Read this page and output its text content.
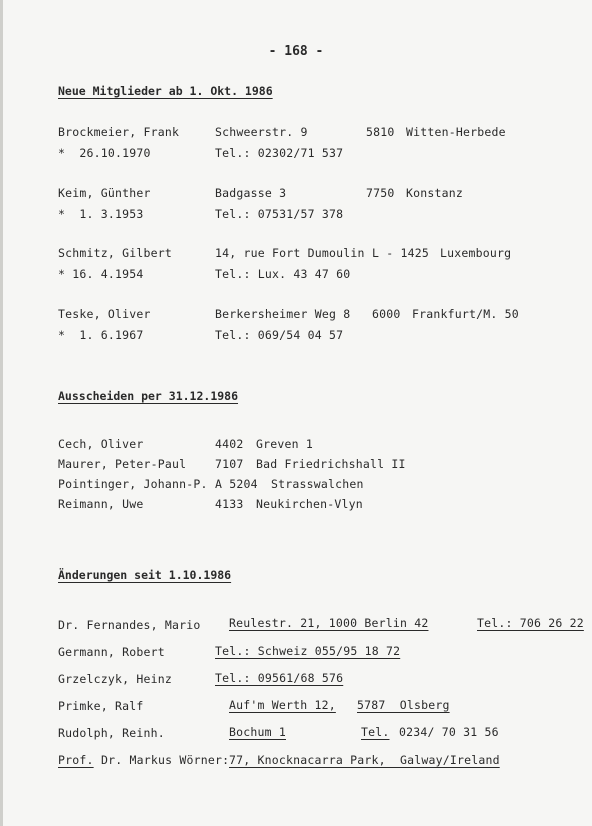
- 168 -
Neue Mitglieder ab 1. Okt. 1986
Brockmeier, Frank	Schweerstr. 9	5810 Witten-Herbede
*  26.10.1970	Tel.: 02302/71 537
Keim, Günther	Badgasse 3	7750 Konstanz
*  1. 3.1953	Tel.: 07531/57 378
Schmitz, Gilbert	14, rue Fort Dumoulin L - 1425 Luxembourg
* 16. 4.1954	Tel.: Lux. 43 47 60
Teske, Oliver	Berkersheimer Weg 8 6000 Frankfurt/M. 50
*  1. 6.1967	Tel.: 069/54 04 57
Ausscheiden per 31.12.1986
Cech, Oliver	4402 Greven 1
Maurer, Peter-Paul	7107 Bad Friedrichshall II
Pointinger, Johann-P. A 5204 Strasswalchen
Reimann, Uwe	4133 Neukirchen-Vlyn
Änderungen seit 1.10.1986
Dr. Fernandes, Mario Reulestr. 21, 1000 Berlin 42	Tel.: 706 26 22
Germann, Robert	Tel.: Schweiz 055/95 18 72
Grzelczyk, Heinz	Tel.: 09561/68 576
Primke, Ralf	Auf'm Werth 12, 5787  Olsberg
Rudolph, Reinh.	Bochum 1	Tel. 0234/ 70 31 56
Prof. Dr. Markus Wörner: 77, Knocknacarra Park,  Galway/Ireland
